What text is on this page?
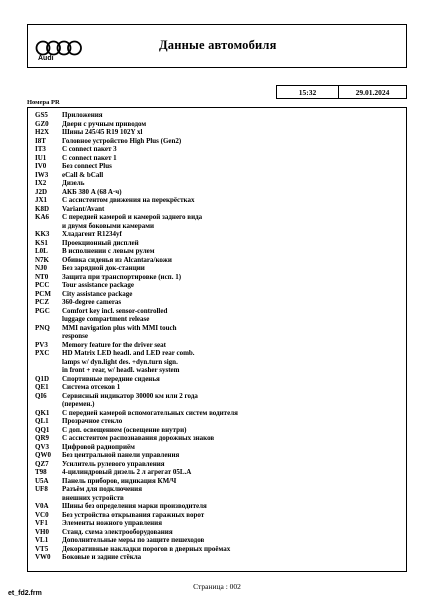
Audi
Данные автомобиля
15:32	29.01.2024
Номера PR
GS5	Приложения
GZ0	Двери с ручным приводом
H2X	Шины 245/45 R19 102Y xl
I8T	Головное устройство High Plus (Gen2)
IT3	C connect пакет 3
IU1	C connect пакет 1
IV0	Без connect Plus
IW3	eCall & bCall
IX2	Дизель
J2D	АКБ 380 A (68 A·ч)
JX1	С ассистентом движения на перекрёстках
K8D	Variant/Avant
KA6	С передней камерой и камерой заднего вида
и двумя боковыми камерами
KK3	Хладагент R1234yf
KS1	Проекционный дисплей
L0L	В исполнении с левым рулем
N7K	Обивка сиденья из Alcantara/кожи
NJ0	Без зарядной док-станции
NT0	Защита при транспортировке (исп. 1)
PCC	Tour assistance package
PCM	City assistance package
PCZ	360-degree cameras
PGC	Comfort key incl. sensor-controlled
luggage compartment release
PNQ	MMI navigation plus with MMI touch
response
PV3	Memory feature for the driver seat
PXC	HD Matrix LED headl. and LED rear comb.
lamps w/ dyn.light des. +dyn.turn sign.
in front + rear, w/ headl. washer system
Q1D	Спортивные передние сиденья
QE1	Система отсеков 1
QI6	Сервисный индикатор 30000 км или 2 года
(перемен.)
QK1	С передней камерой вспомогательных систем водителя
QL1	Прозрачное стекло
QQ1	С доп. освещением (освещение внутри)
QR9	С ассистентом распознавания дорожных знаков
QV3	Цифровой радиоприём
QW0	Без центральной панели управления
QZ7	Усилитель рулевого управления
T98	4-цилиндровый дизель 2 л агрегат 05L.A
U5A	Панель приборов, индикация КМ/Ч
UF8	Разъём для подключения
внешних устройств
V0A	Шины без определения марки производителя
VC0	Без устройства открывания гаражных ворот
VF1	Элементы ножного управления
VH0	Станд. схема электрооборудования
VL1	Дополнительные меры по защите пешеходов
VT5	Декоративные накладки порогов в дверных проёмах
VW0	Боковые и задние стёкла
Страница : 002
et_fd2.frm
